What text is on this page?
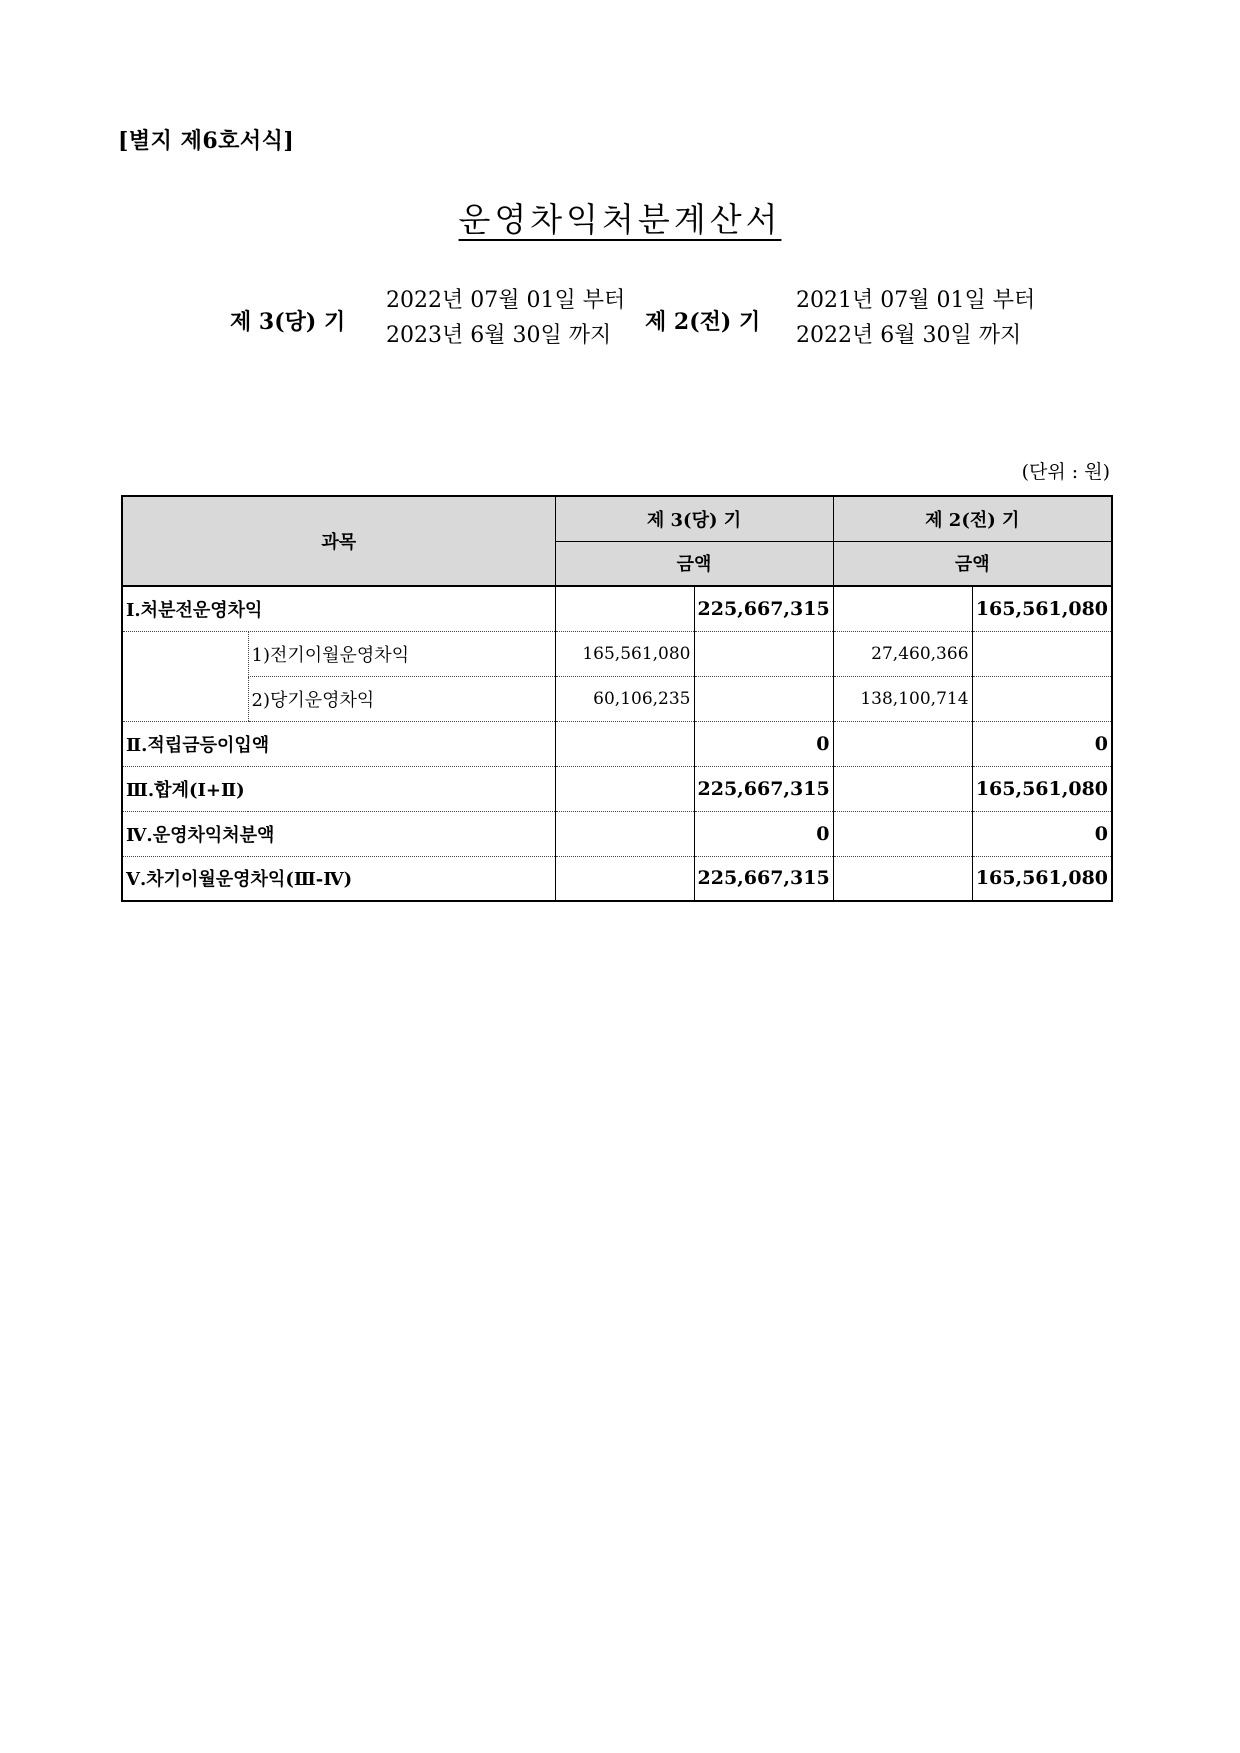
[별지 제6호서식]
운영차익처분계산서
제 3(당) 기
2022년 07월 01일 부터
2023년 6월 30일 까지
제 2(전) 기
2021년 07월 01일 부터
2022년 6월 30일 까지
(단위 : 원)
과목		제 3(당) 기		제 2(전) 기	
		금액		금액	
Ⅰ.처분전운영차익			225,667,315		165,561,080
	1)전기이월운영차익	165,561,080		27,460,366	
	2)당기운영차익	60,106,235		138,100,714	
Ⅱ.적립금등이입액			0		0
Ⅲ.합계(Ⅰ+Ⅱ)			225,667,315		165,561,080
Ⅳ.운영차익처분액			0		0
Ⅴ.차기이월운영차익(Ⅲ-Ⅳ)			225,667,315		165,561,080
